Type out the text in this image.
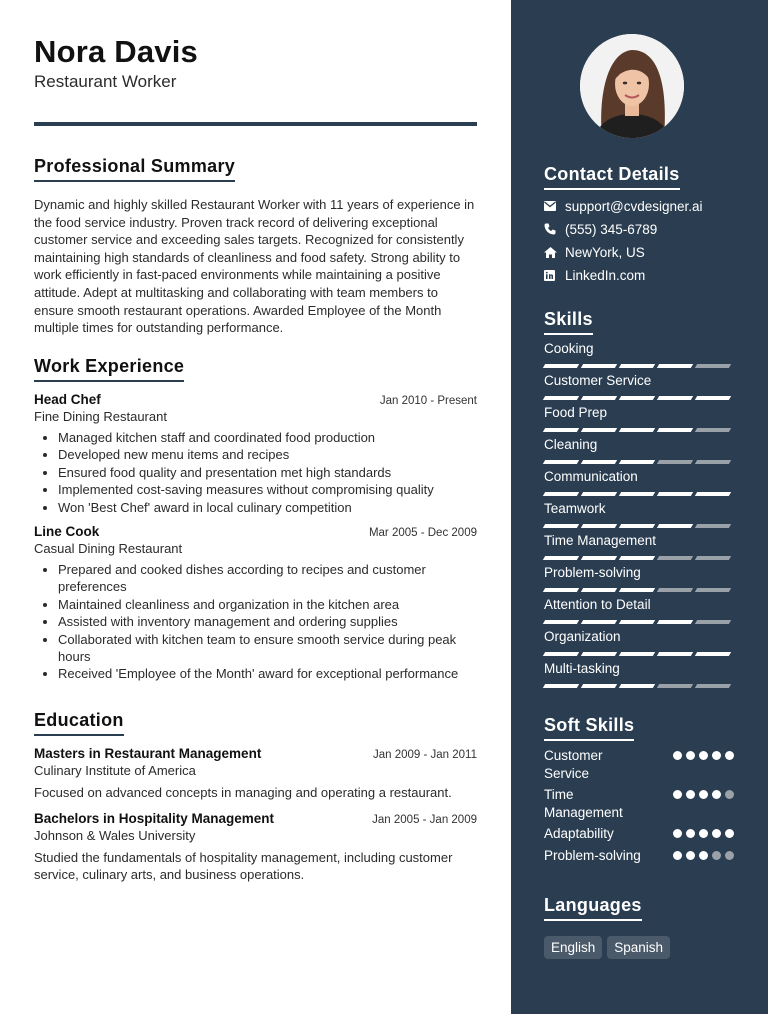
Nora Davis
Restaurant Worker
Professional Summary
Dynamic and highly skilled Restaurant Worker with 11 years of experience in the food service industry. Proven track record of delivering exceptional customer service and exceeding sales targets. Recognized for consistently maintaining high standards of cleanliness and food safety. Strong ability to work efficiently in fast-paced environments while maintaining a positive attitude. Adept at multitasking and collaborating with team members to ensure smooth restaurant operations. Awarded Employee of the Month multiple times for outstanding performance.
Work Experience
Head Chef	Jan 2010 - Present
Fine Dining Restaurant
• Managed kitchen staff and coordinated food production
• Developed new menu items and recipes
• Ensured food quality and presentation met high standards
• Implemented cost-saving measures without compromising quality
• Won 'Best Chef' award in local culinary competition
Line Cook	Mar 2005 - Dec 2009
Casual Dining Restaurant
• Prepared and cooked dishes according to recipes and customer preferences
• Maintained cleanliness and organization in the kitchen area
• Assisted with inventory management and ordering supplies
• Collaborated with kitchen team to ensure smooth service during peak hours
• Received 'Employee of the Month' award for exceptional performance
Education
Masters in Restaurant Management	Jan 2009 - Jan 2011
Culinary Institute of America
Focused on advanced concepts in managing and operating a restaurant.
Bachelors in Hospitality Management	Jan 2005 - Jan 2009
Johnson & Wales University
Studied the fundamentals of hospitality management, including customer service, culinary arts, and business operations.
Contact Details
support@cvdesigner.ai
(555) 345-6789
NewYork, US
LinkedIn.com
Skills
Cooking
Customer Service
Food Prep
Cleaning
Communication
Teamwork
Time Management
Problem-solving
Attention to Detail
Organization
Multi-tasking
Soft Skills
Customer Service
Time Management
Adaptability
Problem-solving
Languages
English	Spanish
